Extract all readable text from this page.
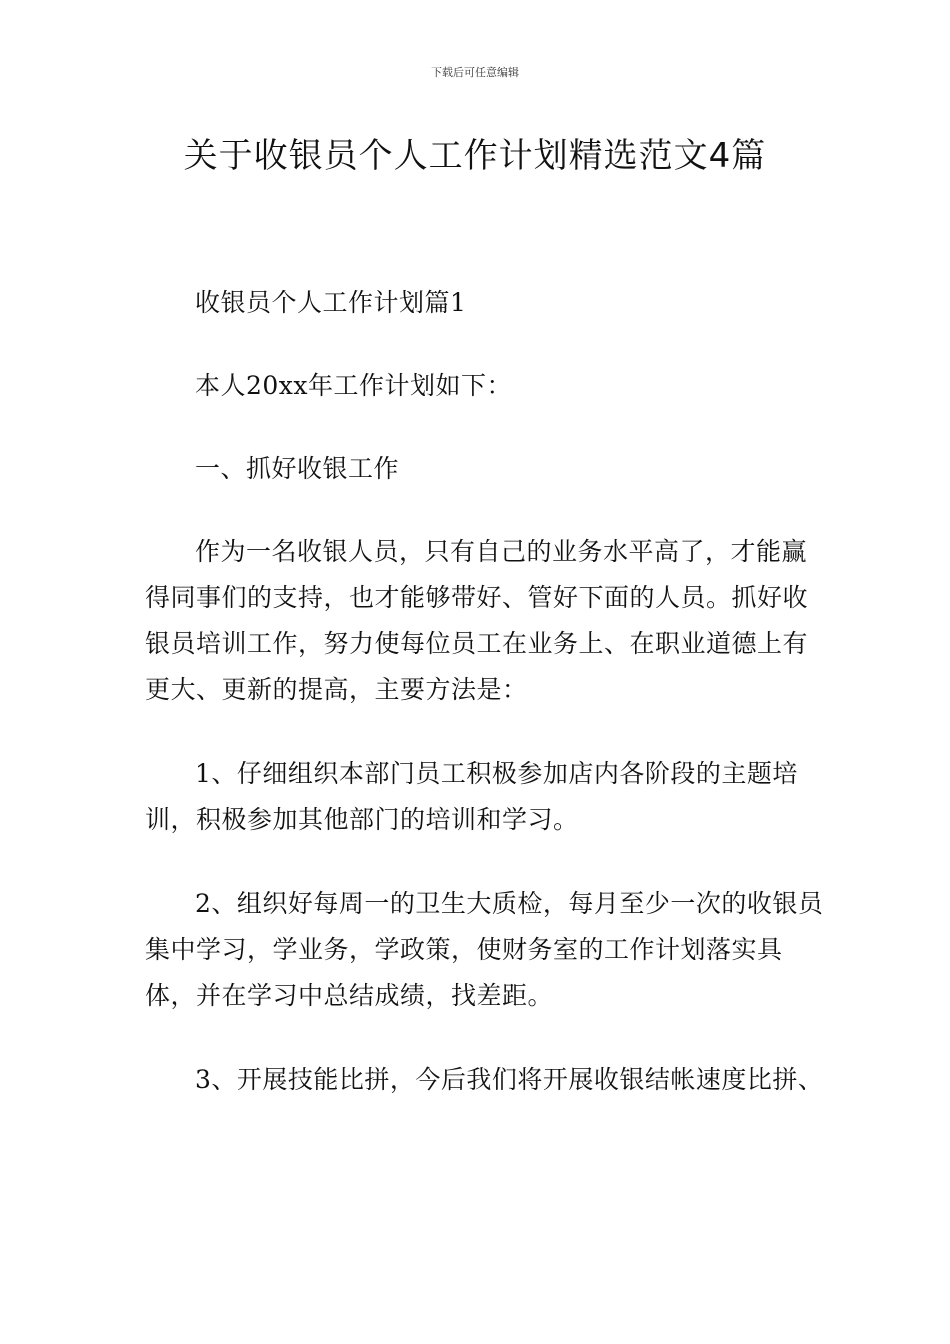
下载后可任意编辑
关于收银员个人工作计划精选范文4篇

收银员个人工作计划篇1

本人20xx年工作计划如下：

一、抓好收银工作

作为一名收银人员，只有自己的业务水平高了，才能赢得同事们的支持，也才能够带好、管好下面的人员。抓好收银员培训工作，努力使每位员工在业务上、在职业道德上有更大、更新的提高，主要方法是：

1、仔细组织本部门员工积极参加店内各阶段的主题培训，积极参加其他部门的培训和学习。

2、组织好每周一的卫生大质检，每月至少一次的收银员集中学习，学业务，学政策，使财务室的工作计划落实具体，并在学习中总结成绩，找差距。

3、开展技能比拼，今后我们将开展收银结帐速度比拼、
